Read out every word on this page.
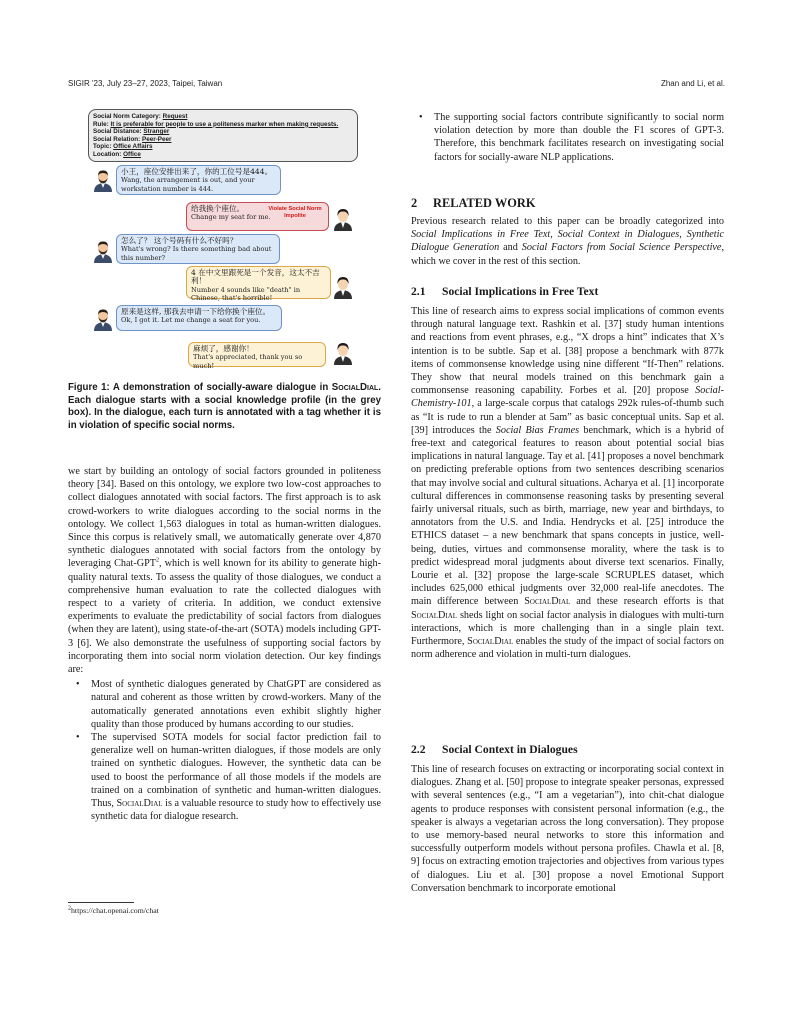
SIGIR '23, July 23–27, 2023, Taipei, Taiwan	Zhan and Li, et al.
Social Norm Category: Request
Rule: It is preferable for people to use a politeness marker when making requests.
Social Distance: Stranger
Social Relation: Peer-Peer
Topic: Office Affairs
Location: Office
小王，座位安排出来了，你的工位号是444。
Wang, the arrangement is out, and your workstation number is 444.
给我换个座位。
Change my seat for me.
Violate Social Norm
Impolite
怎么了？ 这个号码有什么不好吗？
What's wrong? Is there something bad about this number?
4 在中文里跟死是一个发音，这太不吉利！
Number 4 sounds like "death" in Chinese, that's horrible!
原来是这样, 那我去申请一下给你换个座位。
Ok, I got it. Let me change a seat for you.
麻烦了，感谢你！
That's appreciated, thank you so much!
Figure 1: A demonstration of socially-aware dialogue in SocialDial. Each dialogue starts with a social knowledge profile (in the grey box). In the dialogue, each turn is annotated with a tag whether it is in violation of specific social norms.

we start by building an ontology of social factors grounded in politeness theory [34]. Based on this ontology, we explore two low-cost approaches to collect dialogues annotated with social factors. The first approach is to ask crowd-workers to write dialogues according to the social norms in the ontology. We collect 1,563 dialogues in total as human-written dialogues. Since this corpus is relatively small, we automatically generate over 4,870 synthetic dialogues annotated with social factors from the ontology by leveraging Chat-GPT$^2$, which is well known for its ability to generate high-quality natural texts. To assess the quality of those dialogues, we conduct a comprehensive human evaluation to rate the collected dialogues with respect to a variety of criteria. In addition, we conduct extensive experiments to evaluate the predictability of social factors from dialogues (when they are latent), using state-of-the-art (SOTA) models including GPT-3 [6]. We also demonstrate the usefulness of supporting social factors by incorporating them into social norm violation detection. Our key findings are:

• Most of synthetic dialogues generated by ChatGPT are considered as natural and coherent as those written by crowd-workers. Many of the automatically generated annotations even exhibit slightly higher quality than those produced by humans according to our studies.
• The supervised SOTA models for social factor prediction fail to generalize well on human-written dialogues, if those models are only trained on synthetic dialogues. However, the synthetic data can be used to boost the performance of all those models if the models are trained on a combination of synthetic and human-written dialogues. Thus, SocialDial is a valuable resource to study how to effectively use synthetic data for dialogue research.
$^2$https://chat.openai.com/chat
• The supporting social factors contribute significantly to social norm violation detection by more than double the F1 scores of GPT-3. Therefore, this benchmark facilitates research on investigating social factors for socially-aware NLP applications.
2 RELATED WORK

Previous research related to this paper can be broadly categorized into Social Implications in Free Text, Social Context in Dialogues, Synthetic Dialogue Generation and Social Factors from Social Science Perspective, which we cover in the rest of this section.

2.1 Social Implications in Free Text

This line of research aims to express social implications of common events through natural language text. Rashkin et al. [37] study human intentions and reactions from event phrases, e.g., “X drops a hint” indicates that X’s intention is to be subtle. Sap et al. [38] propose a benchmark with 877k items of commonsense knowledge using nine different “If-Then” relations. They show that neural models trained on this benchmark gain a commonsense reasoning capability. Forbes et al. [20] propose Social-Chemistry-101, a large-scale corpus that catalogs 292k rules-of-thumb such as “It is rude to run a blender at 5am” as basic conceptual units. Sap et al. [39] introduces the Social Bias Frames benchmark, which is a hybrid of free-text and categorical features to reason about potential social bias implications in natural language. Tay et al. [41] proposes a novel benchmark on predicting preferable options from two sentences describing scenarios that may involve social and cultural situations. Acharya et al. [1] incorporate cultural differences in commonsense reasoning tasks by presenting several fairly universal rituals, such as birth, marriage, new year and birthdays, to annotators from the U.S. and India. Hendrycks et al. [25] introduce the ETHICS dataset – a new benchmark that spans concepts in justice, well-being, duties, virtues and commonsense morality, where the task is to predict widespread moral judgments about diverse text scenarios. Finally, Lourie et al. [32] propose the large-scale SCRUPLES dataset, which includes 625,000 ethical judgments over 32,000 real-life anecdotes. The main difference between SocialDial and these research efforts is that SocialDial sheds light on social factor analysis in dialogues with multi-turn interactions, which is more challenging than in a single plain text. Furthermore, SocialDial enables the study of the impact of social factors on norm adherence and violation in multi-turn dialogues.

2.2 Social Context in Dialogues

This line of research focuses on extracting or incorporating social context in dialogues. Zhang et al. [50] propose to integrate speaker personas, expressed with several sentences (e.g., “I am a vegetarian”), into chit-chat dialogue agents to produce responses with consistent personal information (e.g., the speaker is always a vegetarian across the long conversation). They propose to use memory-based neural networks to store this information and successfully outperform models without persona profiles. Chawla et al. [8, 9] focus on extracting emotion trajectories and objectives from various types of dialogues. Liu et al. [30] propose a novel Emotional Support Conversation benchmark to incorporate emotional
